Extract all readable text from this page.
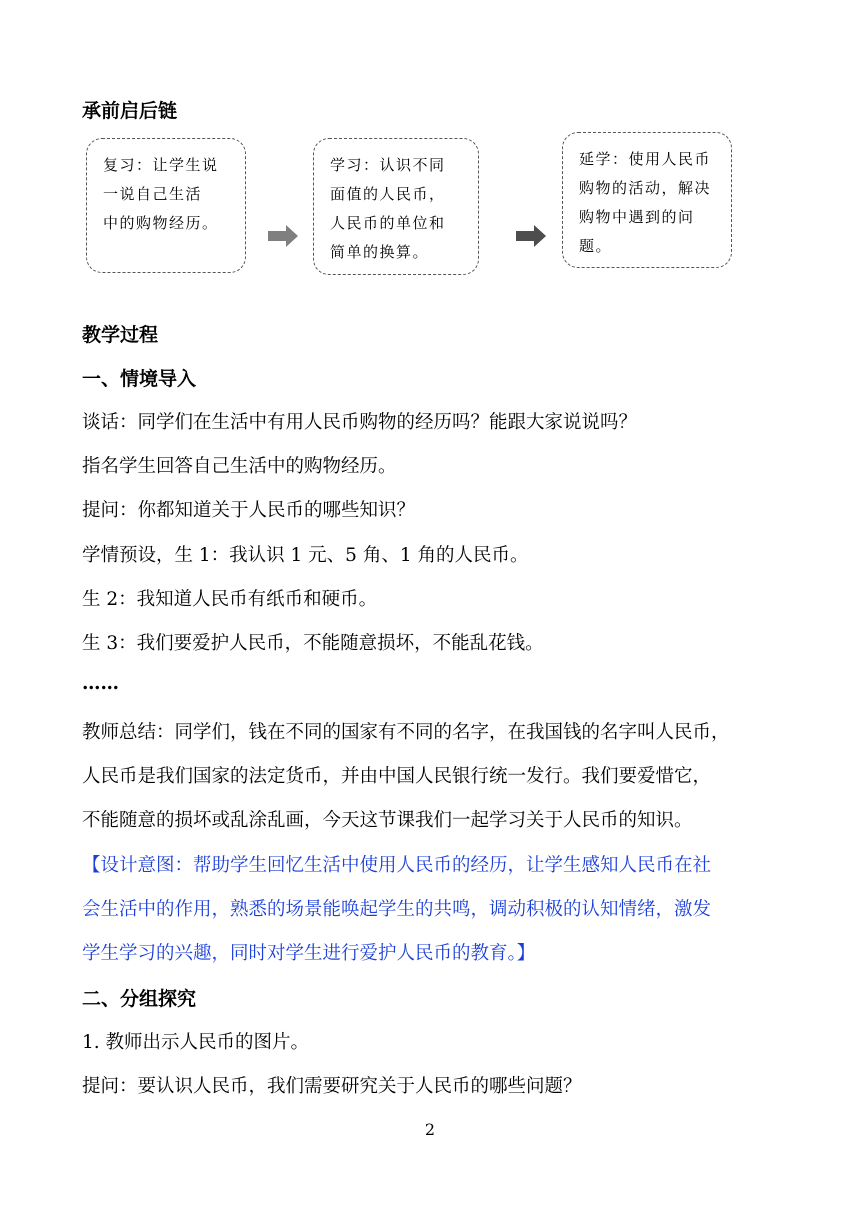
承前启后链
复习：让学生说
一说自己生活
中的购物经历。
学习：认识不同
面值的人民币，
人民币的单位和
简单的换算。
延学：使用人民币
购物的活动，解决
购物中遇到的问
题。
教学过程
一、情境导入
谈话：同学们在生活中有用人民币购物的经历吗？能跟大家说说吗？
指名学生回答自己生活中的购物经历。
提问：你都知道关于人民币的哪些知识？
学情预设，生 1：我认识 1 元、5 角、1 角的人民币。
生 2：我知道人民币有纸币和硬币。
生 3：我们要爱护人民币，不能随意损坏，不能乱花钱。
……
教师总结：同学们，钱在不同的国家有不同的名字，在我国钱的名字叫人民币，
人民币是我们国家的法定货币，并由中国人民银行统一发行。我们要爱惜它，
不能随意的损坏或乱涂乱画，今天这节课我们一起学习关于人民币的知识。
【设计意图：帮助学生回忆生活中使用人民币的经历，让学生感知人民币在社
会生活中的作用，熟悉的场景能唤起学生的共鸣，调动积极的认知情绪，激发
学生学习的兴趣，同时对学生进行爱护人民币的教育。】
二、分组探究
1. 教师出示人民币的图片。
提问：要认识人民币，我们需要研究关于人民币的哪些问题？
2
